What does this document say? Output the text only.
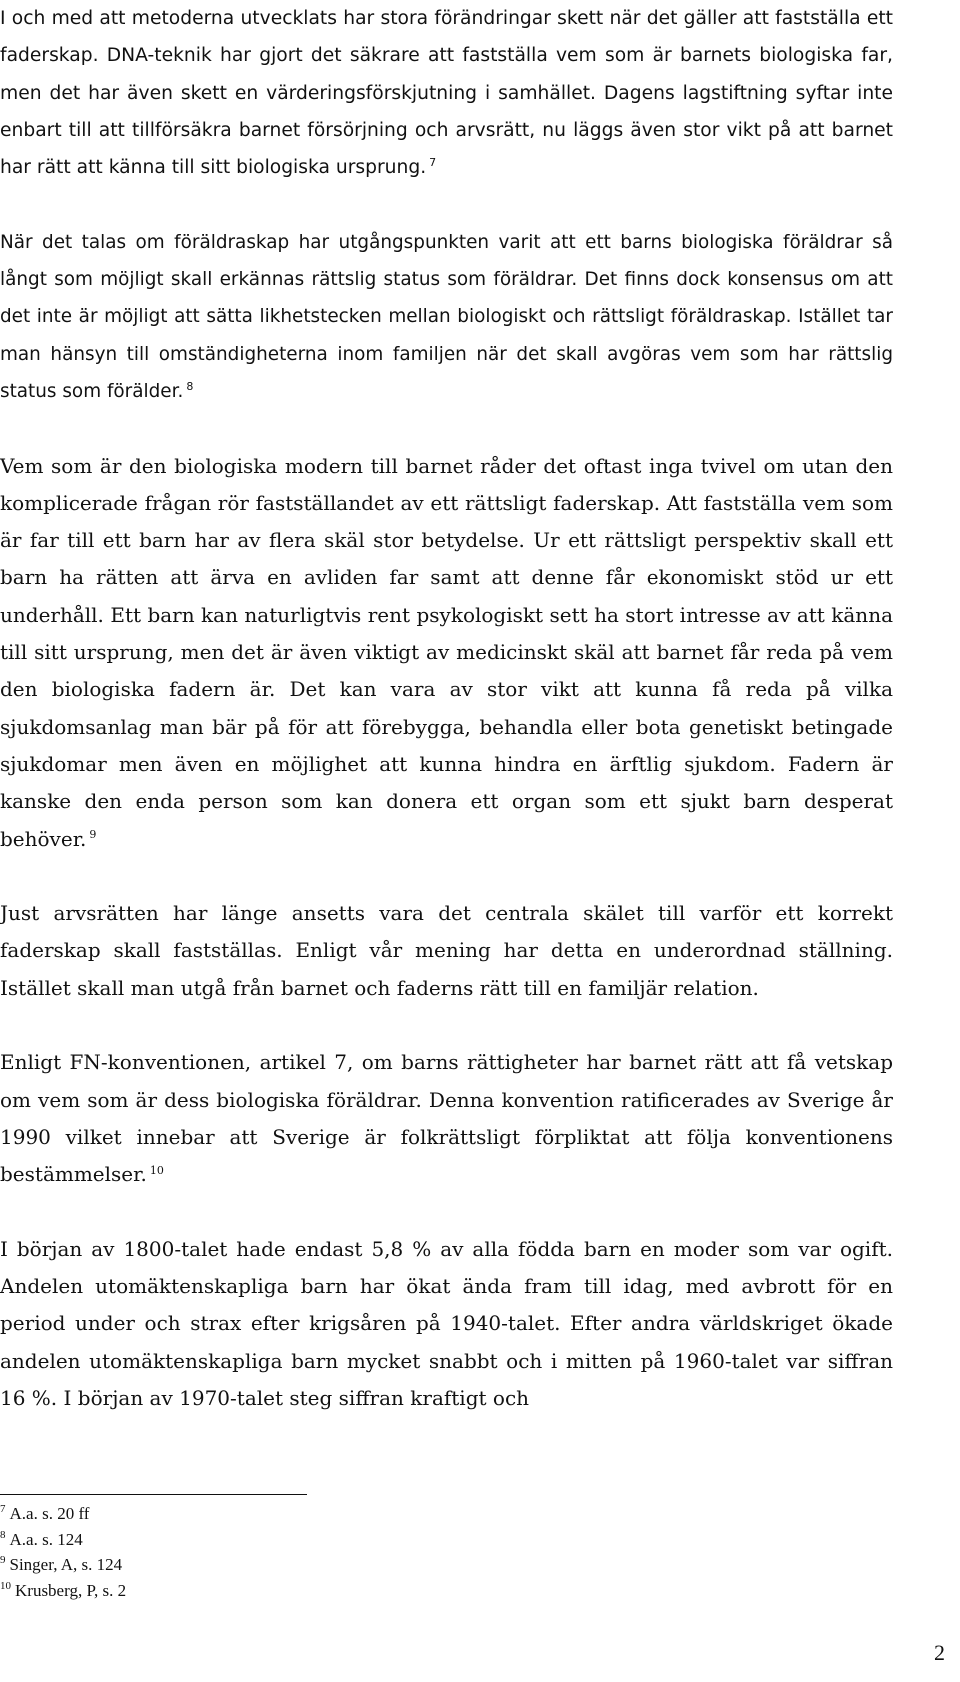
I och med att metoderna utvecklats har stora förändringar skett när det gäller att fastställa ett faderskap. DNA-teknik har gjort det säkrare att fastställa vem som är barnets biologiska far, men det har även skett en värderingsförskjutning i samhället. Dagens lagstiftning syftar inte enbart till att tillförsäkra barnet försörjning och arvsrätt, nu läggs även stor vikt på att barnet har rätt att känna till sitt biologiska ursprung. $^7$

När det talas om föräldraskap har utgångspunkten varit att ett barns biologiska föräldrar så långt som möjligt skall erkännas rättslig status som föräldrar. Det finns dock konsensus om att det inte är möjligt att sätta likhetstecken mellan biologiskt och rättsligt föräldraskap. Istället tar man hänsyn till omständigheterna inom familjen när det skall avgöras vem som har rättslig status som förälder. $^8$

Vem som är den biologiska modern till barnet råder det oftast inga tvivel om utan den komplicerade frågan rör fastställandet av ett rättsligt faderskap. Att fastställa vem som är far till ett barn har av flera skäl stor betydelse. Ur ett rättsligt perspektiv skall ett barn ha rätten att ärva en avliden far samt att denne får ekonomiskt stöd ur ett underhåll. Ett barn kan naturligtvis rent psykologiskt sett ha stort intresse av att känna till sitt ursprung, men det är även viktigt av medicinskt skäl att barnet får reda på vem den biologiska fadern är. Det kan vara av stor vikt att kunna få reda på vilka sjukdomsanlag man bär på för att förebygga, behandla eller bota genetiskt betingade sjukdomar men även en möjlighet att kunna hindra en ärftlig sjukdom. Fadern är kanske den enda person som kan donera ett organ som ett sjukt barn desperat behöver. $^9$

Just arvsrätten har länge ansetts vara det centrala skälet till varför ett korrekt faderskap skall fastställas. Enligt vår mening har detta en underordnad ställning. Istället skall man utgå från barnet och faderns rätt till en familjär relation.

Enligt FN-konventionen, artikel 7, om barns rättigheter har barnet rätt att få vetskap om vem som är dess biologiska föräldrar. Denna konvention ratificerades av Sverige år 1990 vilket innebar att Sverige är folkrättsligt förpliktat att följa konventionens bestämmelser. $^{10}$

I början av 1800-talet hade endast 5,8 % av alla födda barn en moder som var ogift. Andelen utomäktenskapliga barn har ökat ända fram till idag, med avbrott för en period under och strax efter krigsåren på 1940-talet. Efter andra världskriget ökade andelen utomäktenskapliga barn mycket snabbt och i mitten på 1960-talet var siffran 16 %. I början av 1970-talet steg siffran kraftigt och

$^7$ A.a. s. 20 ff
$^8$ A.a. s. 124
$^9$ Singer, A, s. 124
$^{10}$ Krusberg, P, s. 2
2
